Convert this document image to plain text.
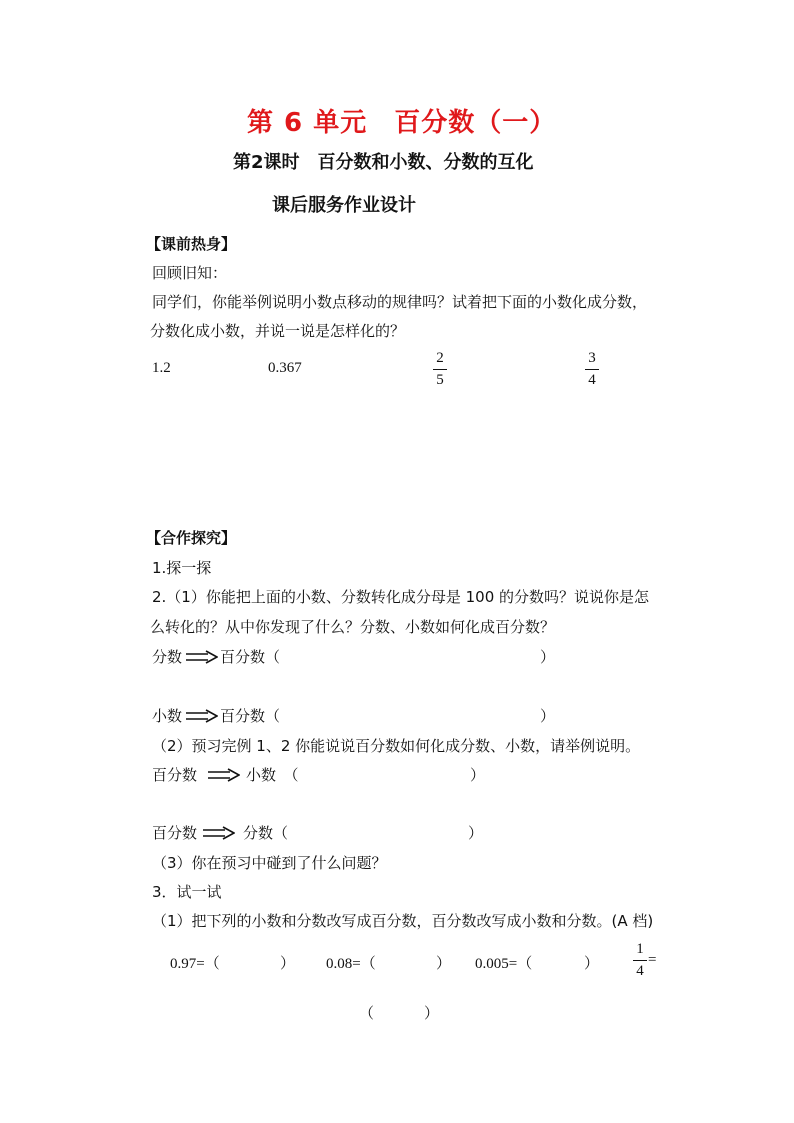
第 6 单元　百分数（一）
第2课时　百分数和小数、分数的互化
课后服务作业设计
【课前热身】
回顾旧知：
同学们，你能举例说明小数点移动的规律吗？试着把下面的小数化成分数，
分数化成小数，并说一说是怎样化的？
1.2	0.367
2
5
3
4
【合作探究】
1.探一探
2.（1）你能把上面的小数、分数转化成分母是 100 的分数吗？说说你是怎
么转化的？从中你发现了什么？分数、小数如何化成百分数？
分数	百分数（	）
小数	百分数（	）
（2）预习完例 1、2 你能说说百分数如何化成分数、小数，请举例说明。
百分数	小数　（	）
百分数	分数（	）
（3）你在预习中碰到了什么问题？
3．试一试
（1）把下列的小数和分数改写成百分数，百分数改写成小数和分数。(A 档)
0.97=（	） 0.08=（	） 0.005=（	）
1
4
=
（	）
